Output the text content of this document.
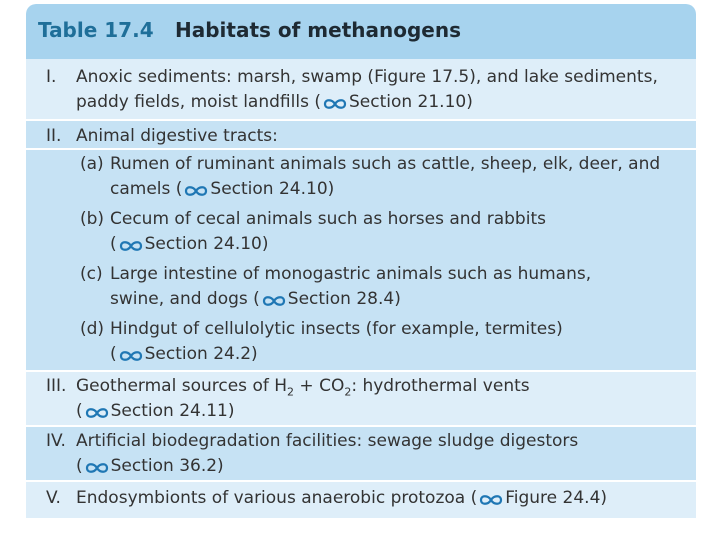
Table 17.4 Habitats of methanogens
I. Anoxic sediments: marsh, swamp (Figure 17.5), and lake sediments,
paddy fields, moist landfills ( Section 21.10)
II. Animal digestive tracts:
(a) Rumen of ruminant animals such as cattle, sheep, elk, deer, and
camels ( Section 24.10)
(b) Cecum of cecal animals such as horses and rabbits
( Section 24.10)
(c) Large intestine of monogastric animals such as humans,
swine, and dogs ( Section 28.4)
(d) Hindgut of cellulolytic insects (for example, termites)
( Section 24.2)
III. Geothermal sources of $H_2 + CO_2$: hydrothermal vents
( Section 24.11)
IV. Artificial biodegradation facilities: sewage sludge digestors
( Section 36.2)
V. Endosymbionts of various anaerobic protozoa ( Figure 24.4)
